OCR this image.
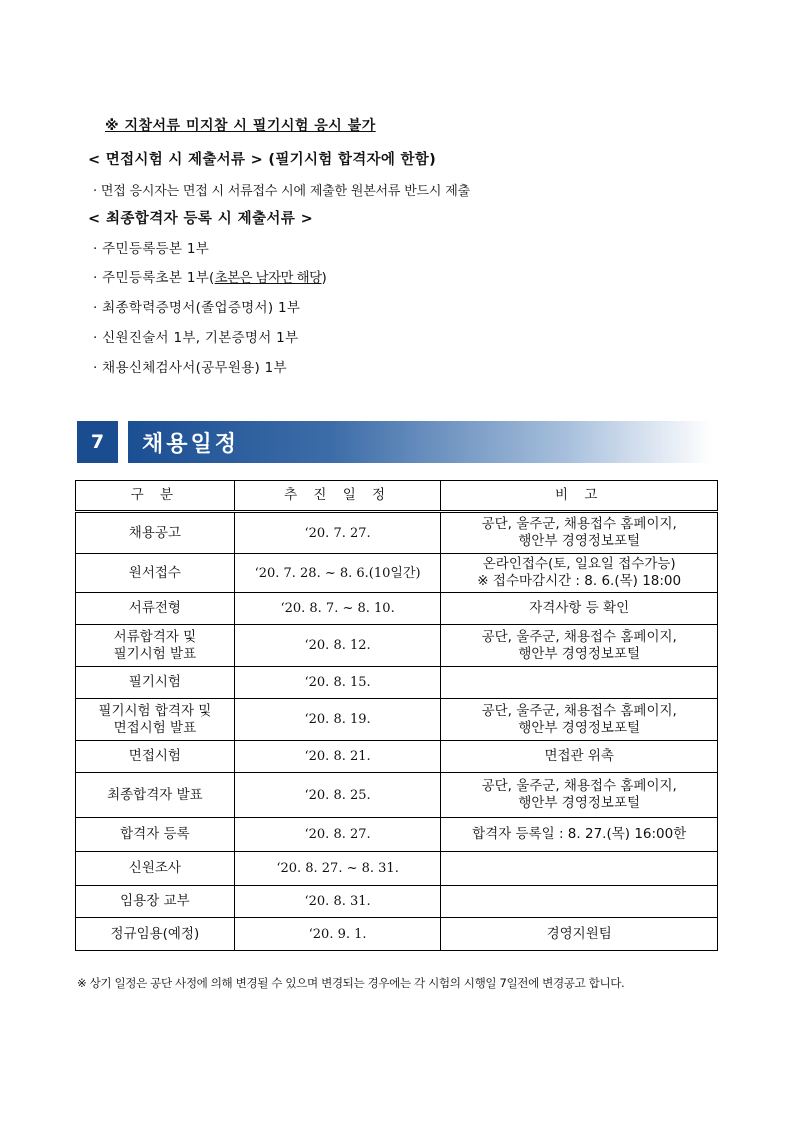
※ 지참서류 미지참 시 필기시험 응시 불가
< 면접시험 시 제출서류 > (필기시험 합격자에 한함)
· 면접 응시자는 면접 시 서류접수 시에 제출한 원본서류 반드시 제출
< 최종합격자 등록 시 제출서류 >
· 주민등록등본 1부
· 주민등록초본 1부(초본은 남자만 해당)
· 최종학력증명서(졸업증명서) 1부
· 신원진술서 1부, 기본증명서 1부
· 채용신체검사서(공무원용) 1부
7	채용일정
구 분	추 진 일 정	비 고
채용공고	‘20. 7. 27.	공단, 울주군, 채용접수 홈페이지,
행안부 경영정보포털
원서접수	‘20. 7. 28. ~ 8. 6.(10일간)	온라인접수(토, 일요일 접수가능)
※ 접수마감시간 : 8. 6.(목) 18:00
서류전형	‘20. 8. 7. ~ 8. 10.	자격사항 등 확인
서류합격자 및
필기시험 발표	‘20. 8. 12.	공단, 울주군, 채용접수 홈페이지,
행안부 경영정보포털
필기시험	‘20. 8. 15.	
필기시험 합격자 및
면접시험 발표	‘20. 8. 19.	공단, 울주군, 채용접수 홈페이지,
행안부 경영정보포털
면접시험	‘20. 8. 21.	면접관 위촉
최종합격자 발표	‘20. 8. 25.	공단, 울주군, 채용접수 홈페이지,
행안부 경영정보포털
합격자 등록	‘20. 8. 27.	합격자 등록일 : 8. 27.(목) 16:00한
신원조사	‘20. 8. 27. ~ 8. 31.	
임용장 교부	‘20. 8. 31.	
정규임용(예정)	‘20. 9. 1.	경영지원팀
※ 상기 일정은 공단 사정에 의해 변경될 수 있으며 변경되는 경우에는 각 시험의 시행일 7일전에 변경공고 합니다.
